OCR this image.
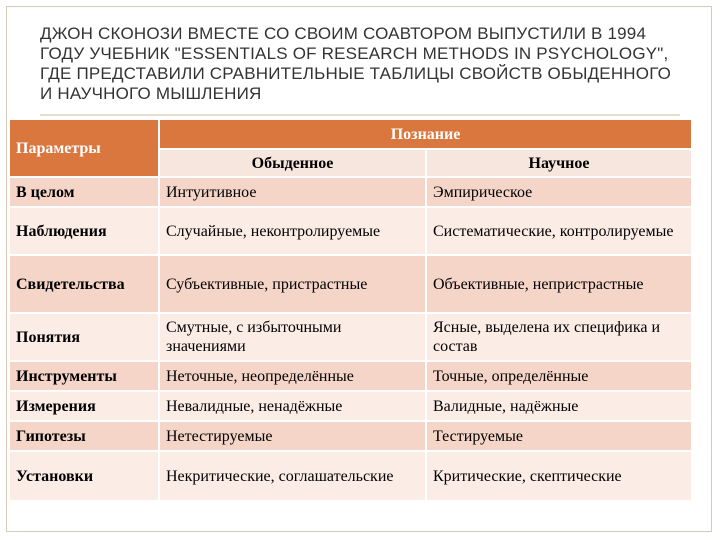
ДЖОН СКОНОЗИ ВМЕСТЕ СО СВОИМ СОАВТОРОМ ВЫПУСТИЛИ В 1994 ГОДУ УЧЕБНИК "ESSENTIALS OF RESEARCH METHODS IN PSYCHOLOGY", ГДЕ ПРЕДСТАВИЛИ СРАВНИТЕЛЬНЫЕ ТАБЛИЦЫ СВОЙСТВ ОБЫДЕННОГО И НАУЧНОГО МЫШЛЕНИЯ
Параметры	Познание	
	Обыденное	Научное
В целом	Интуитивное	Эмпирическое
Наблюдения	Случайные, неконтролируемые	Систематические, контролируемые
Свидетельства	Субъективные, пристрастные	Объективные, непристрастные
Понятия	Смутные, с избыточными значениями	Ясные, выделена их специфика и состав
Инструменты	Неточные, неопределённые	Точные, определённые
Измерения	Невалидные, ненадёжные	Валидные, надёжные
Гипотезы	Нетестируемые	Тестируемые
Установки	Некритические, соглашательские	Критические, скептические
